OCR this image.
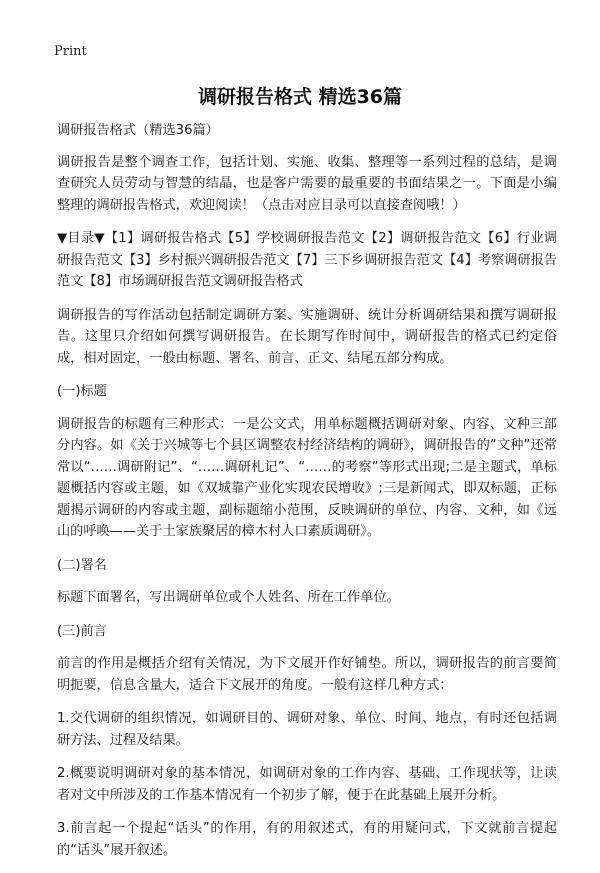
Print
调研报告格式 精选36篇

调研报告格式（精选36篇）

调研报告是整个调查工作，包括计划、实施、收集、整理等一系列过程的总结，是调查研究人员劳动与智慧的结晶，也是客户需要的最重要的书面结果之一。下面是小编整理的调研报告格式，欢迎阅读！（点击对应目录可以直接查阅哦！）

▼目录▼【1】调研报告格式【5】学校调研报告范文【2】调研报告范文【6】行业调研报告范文【3】乡村振兴调研报告范文【7】三下乡调研报告范文【4】考察调研报告范文【8】市场调研报告范文调研报告格式

调研报告的写作活动包括制定调研方案、实施调研、统计分析调研结果和撰写调研报告。这里只介绍如何撰写调研报告。在长期写作时间中，调研报告的格式已约定俗成，相对固定，一般由标题、署名、前言、正文、结尾五部分构成。

(一)标题

调研报告的标题有三种形式：一是公文式，用单标题概括调研对象、内容、文种三部分内容。如《关于兴城等七个县区调整农村经济结构的调研》，调研报告的“文种”还常常以“……调研附记”、“……调研札记”、“……的考察”等形式出现;二是主题式，单标题概括内容或主题，如《双城靠产业化实现农民增收》;三是新闻式，即双标题，正标题揭示调研的内容或主题，副标题缩小范围，反映调研的单位、内容、文种，如《远山的呼唤——关于土家族聚居的樟木村人口素质调研》。

(二)署名

标题下面署名，写出调研单位或个人姓名、所在工作单位。

(三)前言

前言的作用是概括介绍有关情况，为下文展开作好铺垫。所以，调研报告的前言要简明扼要，信息含量大，适合下文展开的角度。一般有这样几种方式：

1.交代调研的组织情况，如调研目的、调研对象、单位、时间、地点，有时还包括调研方法、过程及结果。

2.概要说明调研对象的基本情况，如调研对象的工作内容、基础、工作现状等，让读者对文中所涉及的工作基本情况有一个初步了解，便于在此基础上展开分析。

3.前言起一个提起“话头”的作用，有的用叙述式，有的用疑问式，下文就前言提起的“话头”展开叙述。
